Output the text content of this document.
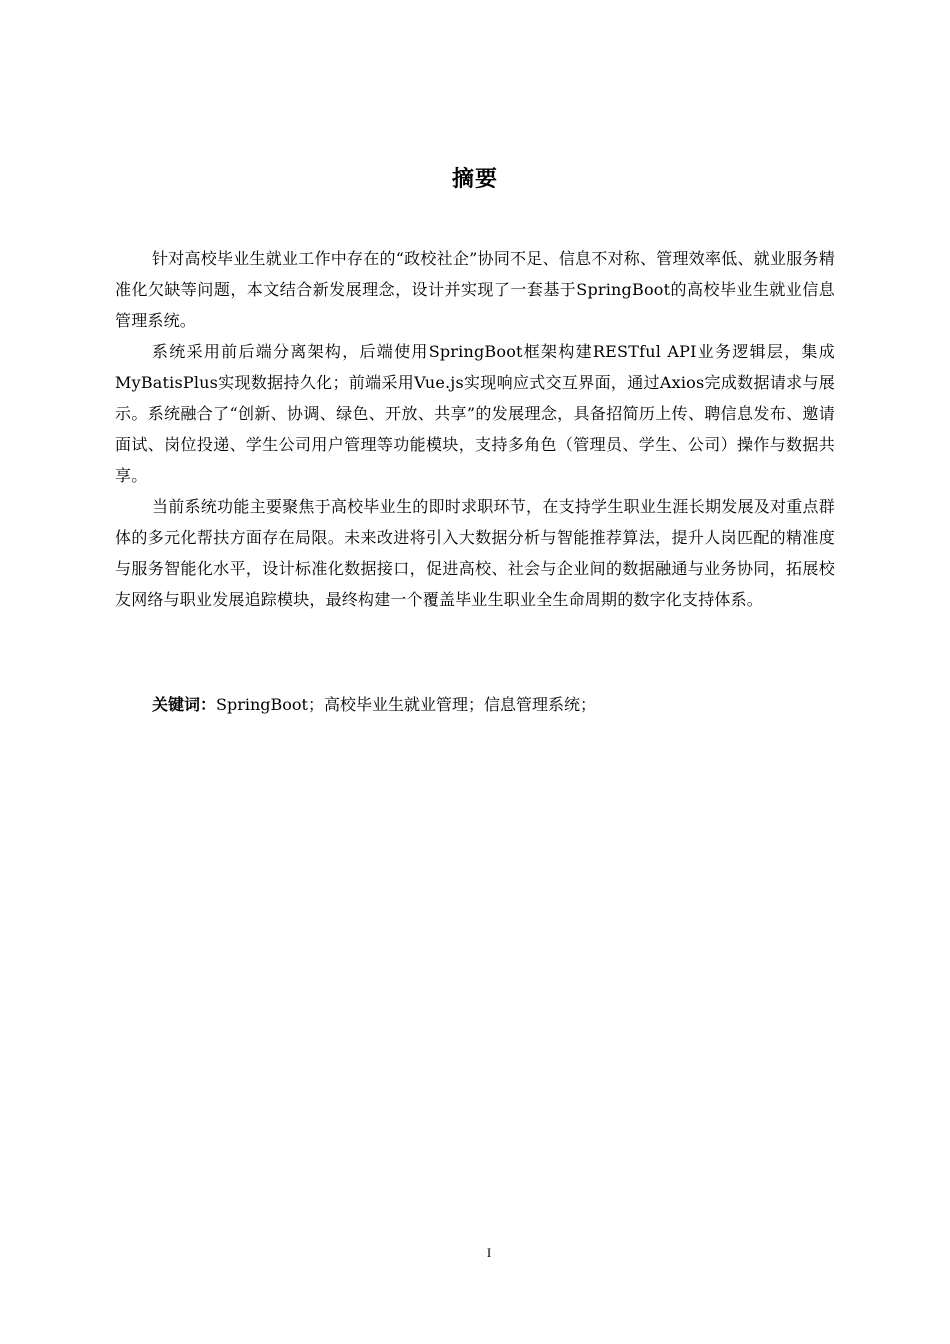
摘要

针对高校毕业生就业工作中存在的“政校社企”协同不足、信息不对称、管理效率低、就业服务精准化欠缺等问题，本文结合新发展理念，设计并实现了一套基于SpringBoot的高校毕业生就业信息管理系统。

系统采用前后端分离架构，后端使用SpringBoot框架构建RESTful API业务逻辑层，集成MyBatisPlus实现数据持久化；前端采用Vue.js实现响应式交互界面，通过Axios完成数据请求与展示。系统融合了“创新、协调、绿色、开放、共享”的发展理念，具备招简历上传、聘信息发布、邀请面试、岗位投递、学生公司用户管理等功能模块，支持多角色（管理员、学生、公司）操作与数据共享。

当前系统功能主要聚焦于高校毕业生的即时求职环节，在支持学生职业生涯长期发展及对重点群体的多元化帮扶方面存在局限。未来改进将引入大数据分析与智能推荐算法，提升人岗匹配的精准度与服务智能化水平，设计标准化数据接口，促进高校、社会与企业间的数据融通与业务协同，拓展校友网络与职业发展追踪模块，最终构建一个覆盖毕业生职业全生命周期的数字化支持体系。

关键词：SpringBoot；高校毕业生就业管理；信息管理系统；
I
